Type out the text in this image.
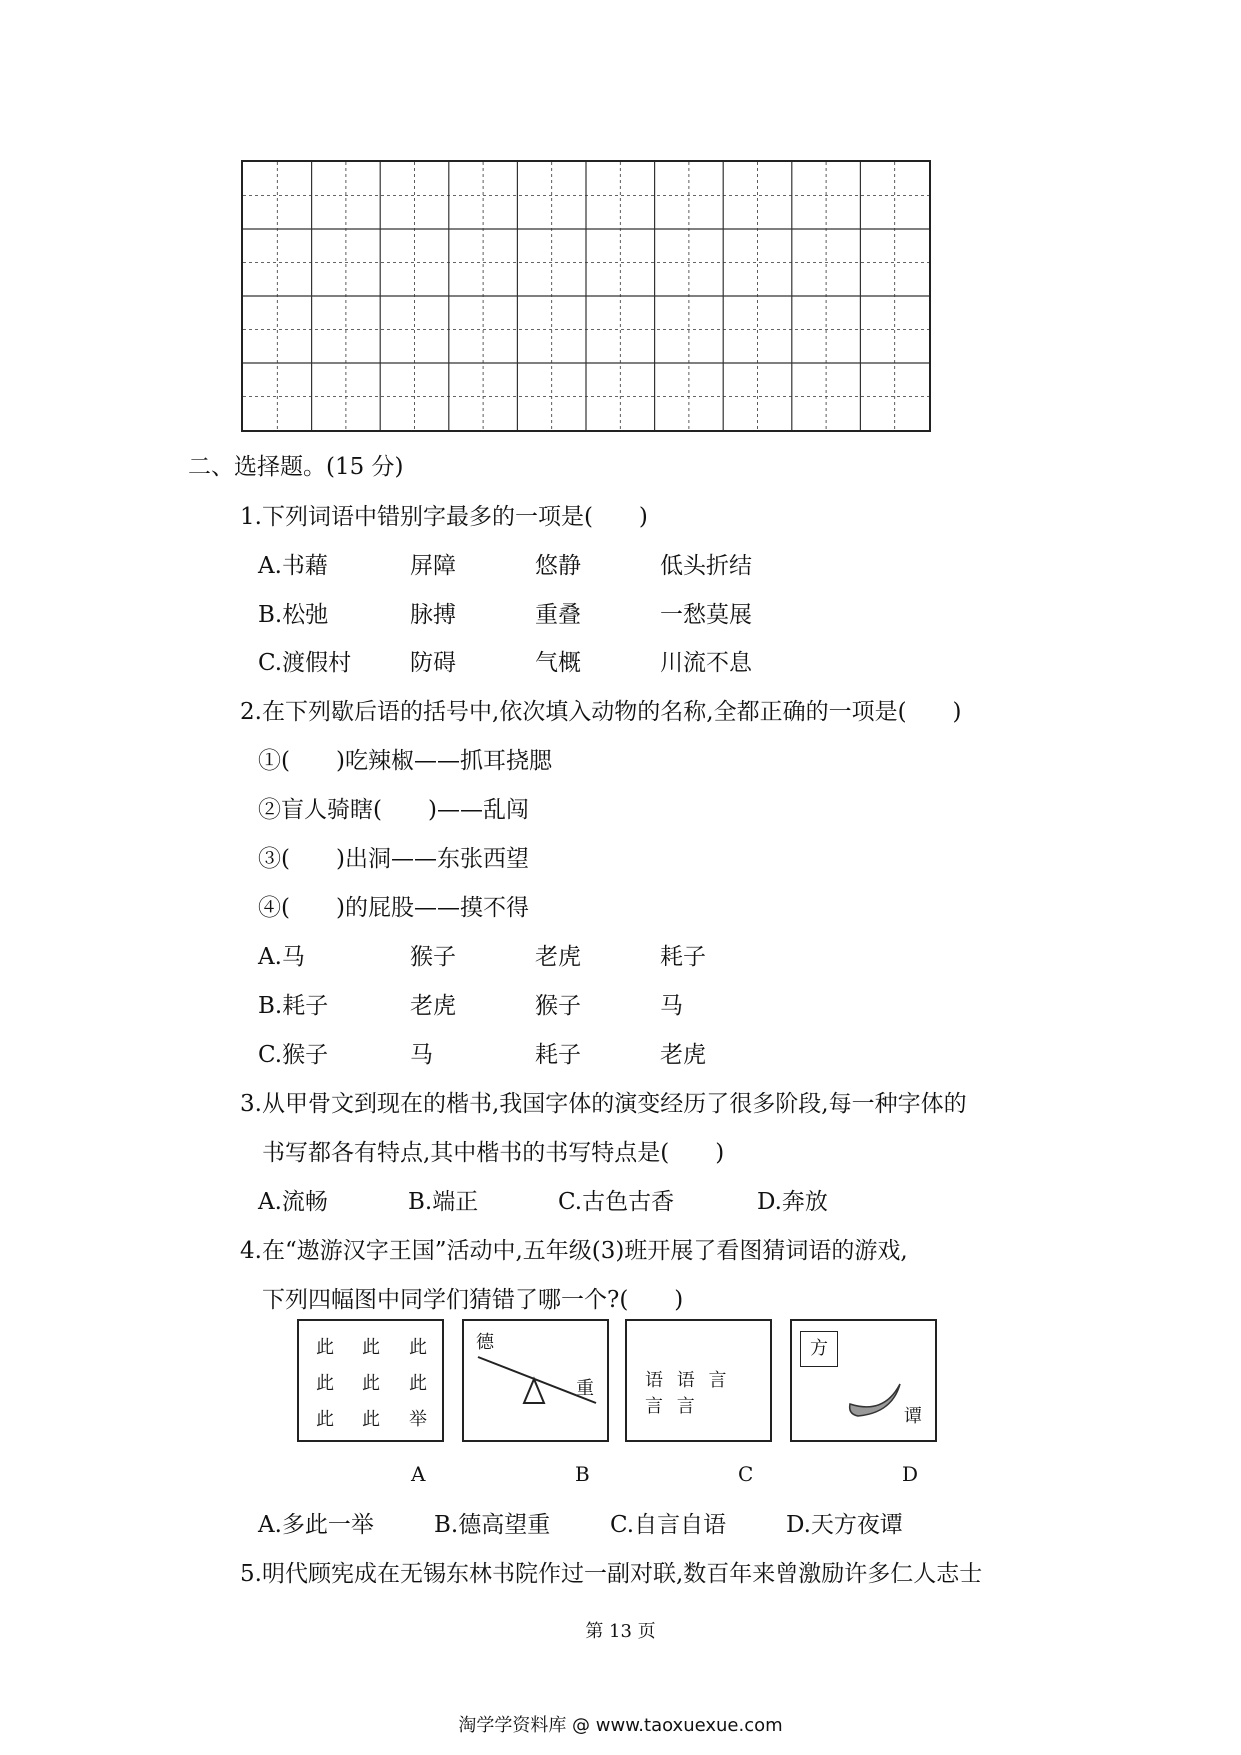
二、选择题。(15 分)
1.下列词语中错别字最多的一项是(　　)
A.书藉	屏障	悠静	低头折结
B.松弛	脉搏	重叠	一愁莫展
C.渡假村	防碍	气概	川流不息
2.在下列歇后语的括号中,依次填入动物的名称,全都正确的一项是(　　)
①(　　)吃辣椒——抓耳挠腮
②盲人骑瞎(　　)——乱闯
③(　　)出洞——东张西望
④(　　)的屁股——摸不得
A.马	猴子	老虎	耗子
B.耗子	老虎	猴子	马
C.猴子	马	耗子	老虎
3.从甲骨文到现在的楷书,我国字体的演变经历了很多阶段,每一种字体的
书写都各有特点,其中楷书的书写特点是(　　)
A.流畅	B.端正	C.古色古香	D.奔放
4.在“遨游汉字王国”活动中,五年级(3)班开展了看图猜词语的游戏,
下列四幅图中同学们猜错了哪一个?(　　)
此 此 此
此 此 此
此 此 举
德
重	语 语 言
言 言
方
谭
A	B	C	D
A.多此一举	B.德高望重	C.自言自语	D.天方夜谭
5.明代顾宪成在无锡东林书院作过一副对联,数百年来曾激励许多仁人志士
第 13 页
淘学学资料库 @ www.taoxuexue.com
